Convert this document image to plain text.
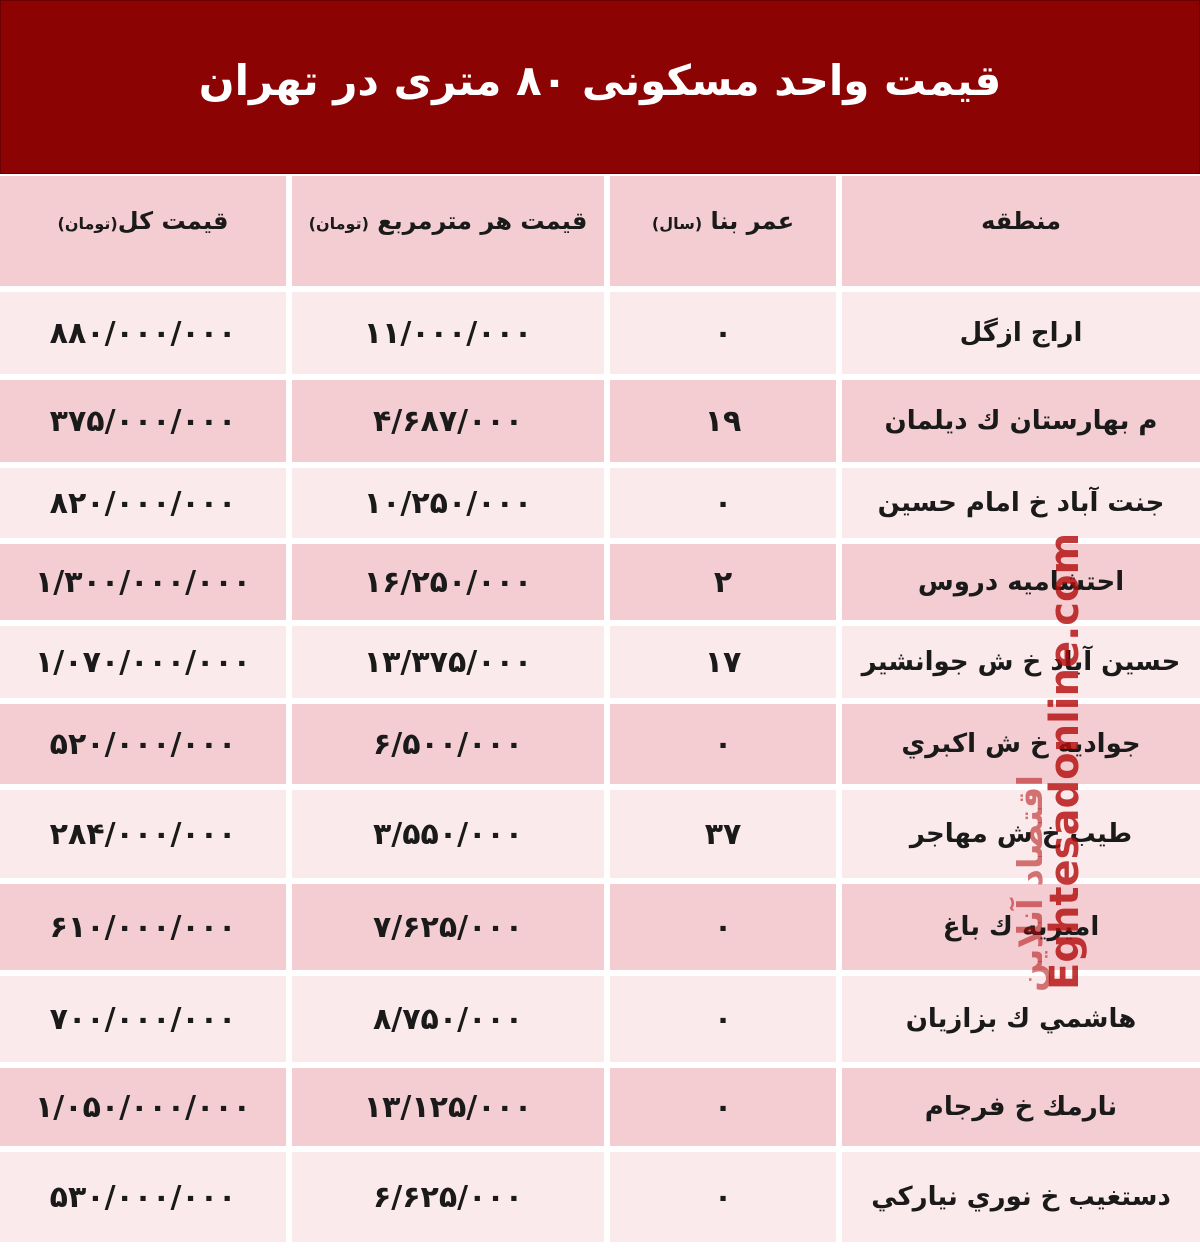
قیمت واحد مسکونی ۸۰ متری در تهران
قیمت کل(تومان)	قیمت هر مترمربع (تومان)	عمر بنا (سال)	منطقه
۸۸۰/۰۰۰/۰۰۰	۱۱/۰۰۰/۰۰۰	۰	اراج ازگل
۳۷۵/۰۰۰/۰۰۰	۴/۶۸۷/۰۰۰	۱۹	م بهارستان ك ديلمان
۸۲۰/۰۰۰/۰۰۰	۱۰/۲۵۰/۰۰۰	۰	جنت آباد خ امام حسين
۱/۳۰۰/۰۰۰/۰۰۰	۱۶/۲۵۰/۰۰۰	۲	احتشاميه دروس
۱/۰۷۰/۰۰۰/۰۰۰	۱۳/۳۷۵/۰۰۰	۱۷	حسين آباد خ ش جوانشير
۵۲۰/۰۰۰/۰۰۰	۶/۵۰۰/۰۰۰	۰	جواديه خ ش اكبري
۲۸۴/۰۰۰/۰۰۰	۳/۵۵۰/۰۰۰	۳۷	طيب خ ش مهاجر
۶۱۰/۰۰۰/۰۰۰	۷/۶۲۵/۰۰۰	۰	اميريه ك باغ
۷۰۰/۰۰۰/۰۰۰	۸/۷۵۰/۰۰۰	۰	هاشمي ك بزازيان
۱/۰۵۰/۰۰۰/۰۰۰	۱۳/۱۲۵/۰۰۰	۰	نارمك خ فرجام
۵۳۰/۰۰۰/۰۰۰	۶/۶۲۵/۰۰۰	۰	دستغيب خ نوري نياركي
Eghtesadonline.com
اقتصاد آنلاین
